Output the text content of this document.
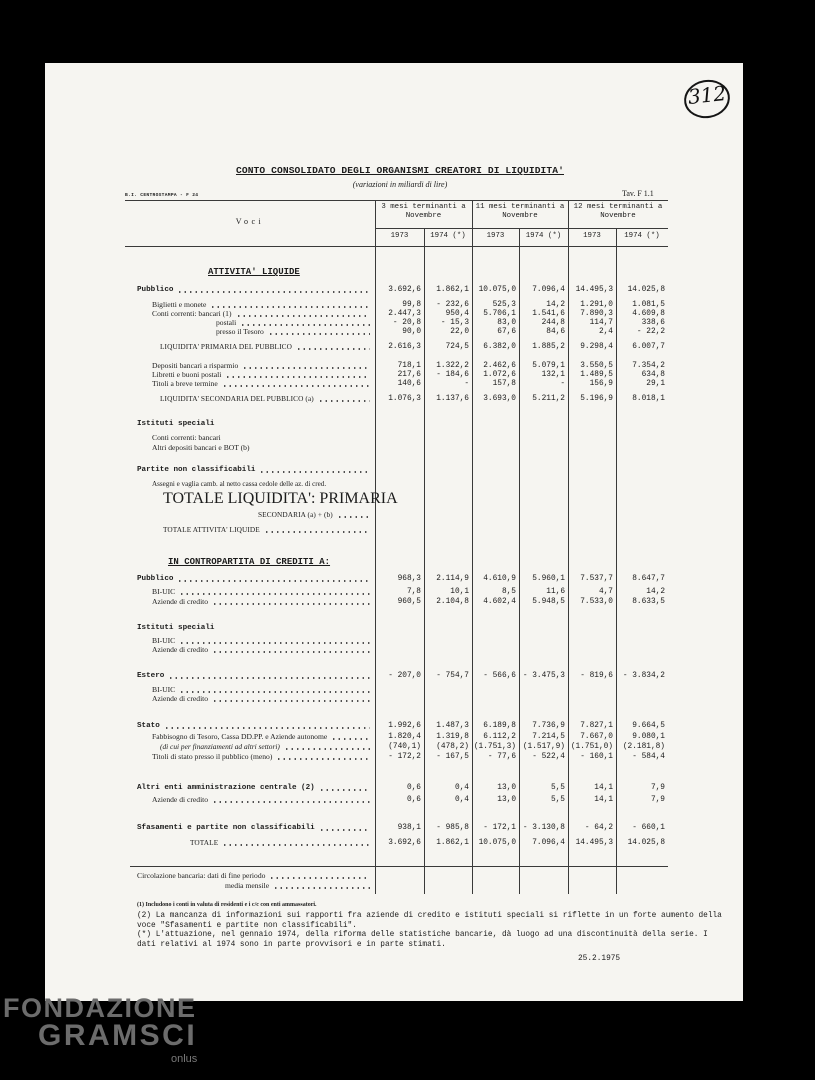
312
CONTO CONSOLIDATO DEGLI ORGANISMI CREATORI DI LIQUIDITA'
(variazioni in miliardi di lire)
B.I. CENTROSTAMPA - F 24	Tav. F 1.1
Voci
3 mesi terminanti a Novembre
11 mesi terminanti a Novembre
12 mesi terminanti a Novembre
1973	1974 (*)	1973	1974 (*)	1973	1974 (*)
ATTIVITA' LIQUIDE
Pubblico	3.692,6	1.862,1	10.075,0	7.096,4	14.495,3	14.025,8
Biglietti e monete	99,8	- 232,6	525,3	14,2	1.291,0	1.081,5
Conti correnti: bancari (1)	2.447,3	950,4	5.706,1	1.541,6	7.890,3	4.609,8
postali	- 20,8	- 15,3	83,0	244,8	114,7	338,6
presso il Tesoro	90,0	22,0	67,6	84,6	2,4	- 22,2
LIQUIDITA' PRIMARIA DEL PUBBLICO	2.616,3	724,5	6.382,0	1.885,2	9.298,4	6.007,7
Depositi bancari a risparmio	718,1	1.322,2	2.462,6	5.079,1	3.550,5	7.354,2
Libretti e buoni postali	217,6	- 184,6	1.072,6	132,1	1.489,5	634,8
Titoli a breve termine	140,6	-	157,8	-	156,9	29,1
LIQUIDITA' SECONDARIA DEL PUBBLICO (a)	1.076,3	1.137,6	3.693,0	5.211,2	5.196,9	8.018,1
Istituti speciali
Conti correnti: bancari
Altri depositi bancari e BOT (b)
Partite non classificabili
Assegni e vaglia camb. al netto cassa cedole delle az. di cred.
TOTALE LIQUIDITA': PRIMARIA
SECONDARIA (a) + (b)
TOTALE ATTIVITA' LIQUIDE
IN CONTROPARTITA DI CREDITI A:
Pubblico	968,3	2.114,9	4.610,9	5.960,1	7.537,7	8.647,7
BI-UIC	7,8	10,1	8,5	11,6	4,7	14,2
Aziende di credito	960,5	2.104,8	4.602,4	5.948,5	7.533,0	8.633,5
Istituti speciali
BI-UIC
Aziende di credito
Estero	- 207,0	- 754,7	- 566,6 - 3.475,3	- 819,6	- 3.834,2
BI-UIC
Aziende di credito
Stato	1.992,6	1.487,3	6.189,8	7.736,9	7.827,1	9.664,5
Fabbisogno di Tesoro, Cassa DD.PP. e Aziende autonome	1.820,4	1.319,8	6.112,2	7.214,5	7.667,0	9.080,1
(di cui per finanziamenti ad altri settori)	(740,1)	(478,2) (1.751,3) (1.517,9) (1.751,0)	(2.181,8)
Titoli di stato presso il pubblico (meno)	- 172,2	- 167,5	- 77,6	- 522,4	- 160,1	- 584,4
Altri enti amministrazione centrale (2)	0,6	0,4	13,0	5,5	14,1	7,9
Aziende di credito	0,6	0,4	13,0	5,5	14,1	7,9
Sfasamenti e partite non classificabili	938,1	- 985,8	- 172,1 - 3.130,8	- 64,2	- 660,1
TOTALE	3.692,6	1.862,1	10.075,0	7.096,4	14.495,3	14.025,8
Circolazione bancaria: dati di fine periodo
media mensile
(1) Includono i conti in valuta di residenti e i c/c con enti ammassatori.
(2) La mancanza di informazioni sui rapporti fra aziende di credito e istituti speciali si riflette in un forte aumento della voce "Sfasamenti e partite non classificabili".
(*) L'attuazione, nel gennaio 1974, della riforma delle statistiche bancarie, dà luogo ad una discontinuità della serie. I dati relativi al 1974 sono in parte provvisori e in parte stimati.
25.2.1975
FONDAZIONE
GRAMSCI
onlus
